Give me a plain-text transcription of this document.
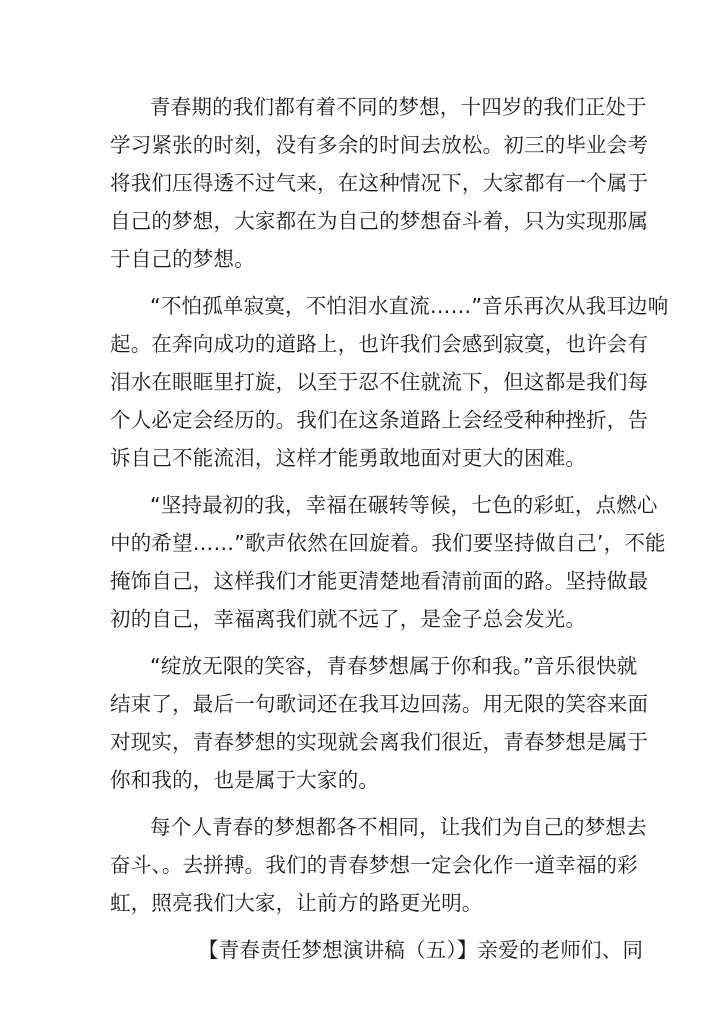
青春期的我们都有着不同的梦想，十四岁的我们正处于
学习紧张的时刻，没有多余的时间去放松。初三的毕业会考
将我们压得透不过气来，在这种情况下，大家都有一个属于
自己的梦想，大家都在为自己的梦想奋斗着，只为实现那属
于自己的梦想。
“不怕孤单寂寞，不怕泪水直流……”音乐再次从我耳边响
起。在奔向成功的道路上，也许我们会感到寂寞，也许会有
泪水在眼眶里打旋，以至于忍不住就流下，但这都是我们每
个人必定会经历的。我们在这条道路上会经受种种挫折，告
诉自己不能流泪，这样才能勇敢地面对更大的困难。
“坚持最初的我，幸福在碾转等候，七色的彩虹，点燃心
中的希望……”歌声依然在回旋着。我们要坚持做自己’，不能
掩饰自己，这样我们才能更清楚地看清前面的路。坚持做最
初的自己，幸福离我们就不远了，是金子总会发光。
“绽放无限的笑容，青春梦想属于你和我。”音乐很快就
结束了，最后一句歌词还在我耳边回荡。用无限的笑容来面
对现实，青春梦想的实现就会离我们很近，青春梦想是属于
你和我的，也是属于大家的。
每个人青春的梦想都各不相同，让我们为自己的梦想去
奋斗、。去拼搏。我们的青春梦想一定会化作一道幸福的彩
虹，照亮我们大家，让前方的路更光明。
【青春责任梦想演讲稿（五）】亲爱的老师们、同
